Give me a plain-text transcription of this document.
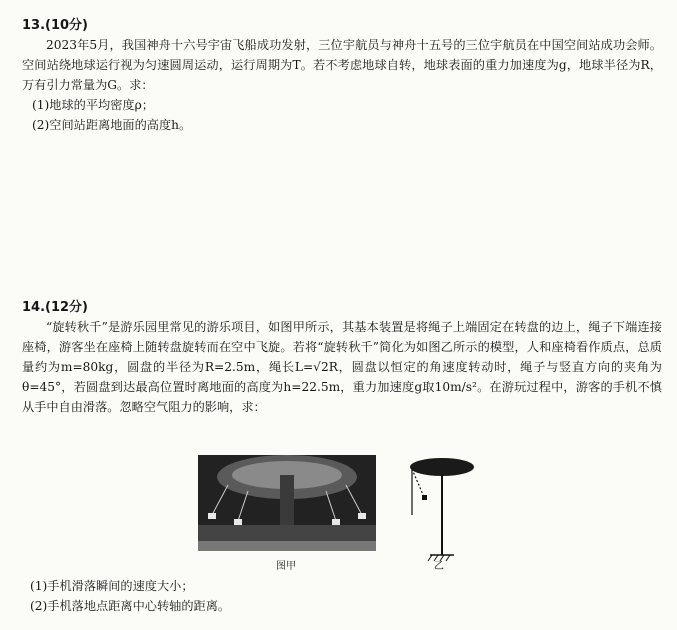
13.(10分)

2023年5月，我国神舟十六号宇宙飞船成功发射，三位宇航员与神舟十五号的三位宇航员在中国空间站成功会师。空间站绕地球运行视为匀速圆周运动，运行周期为T。若不考虑地球自转，地球表面的重力加速度为g，地球半径为R，万有引力常量为G。求：

(1)地球的平均密度ρ；

(2)空间站距离地面的高度h。

14.(12分)

“旋转秋千”是游乐园里常见的游乐项目，如图甲所示，其基本装置是将绳子上端固定在转盘的边上，绳子下端连接座椅，游客坐在座椅上随转盘旋转而在空中飞旋。若将“旋转秋千”简化为如图乙所示的模型，人和座椅看作质点，总质量约为m=80kg，圆盘的半径为R=2.5m，绳长L=√2R，圆盘以恒定的角速度转动时，绳子与竖直方向的夹角为θ=45°，若圆盘到达最高位置时离地面的高度为h=22.5m，重力加速度g取10m/s²。在游玩过程中，游客的手机不慎从手中自由滑落。忽略空气阻力的影响，求：

图甲	乙

(1)手机滑落瞬间的速度大小；

(2)手机落地点距离中心转轴的距离。
